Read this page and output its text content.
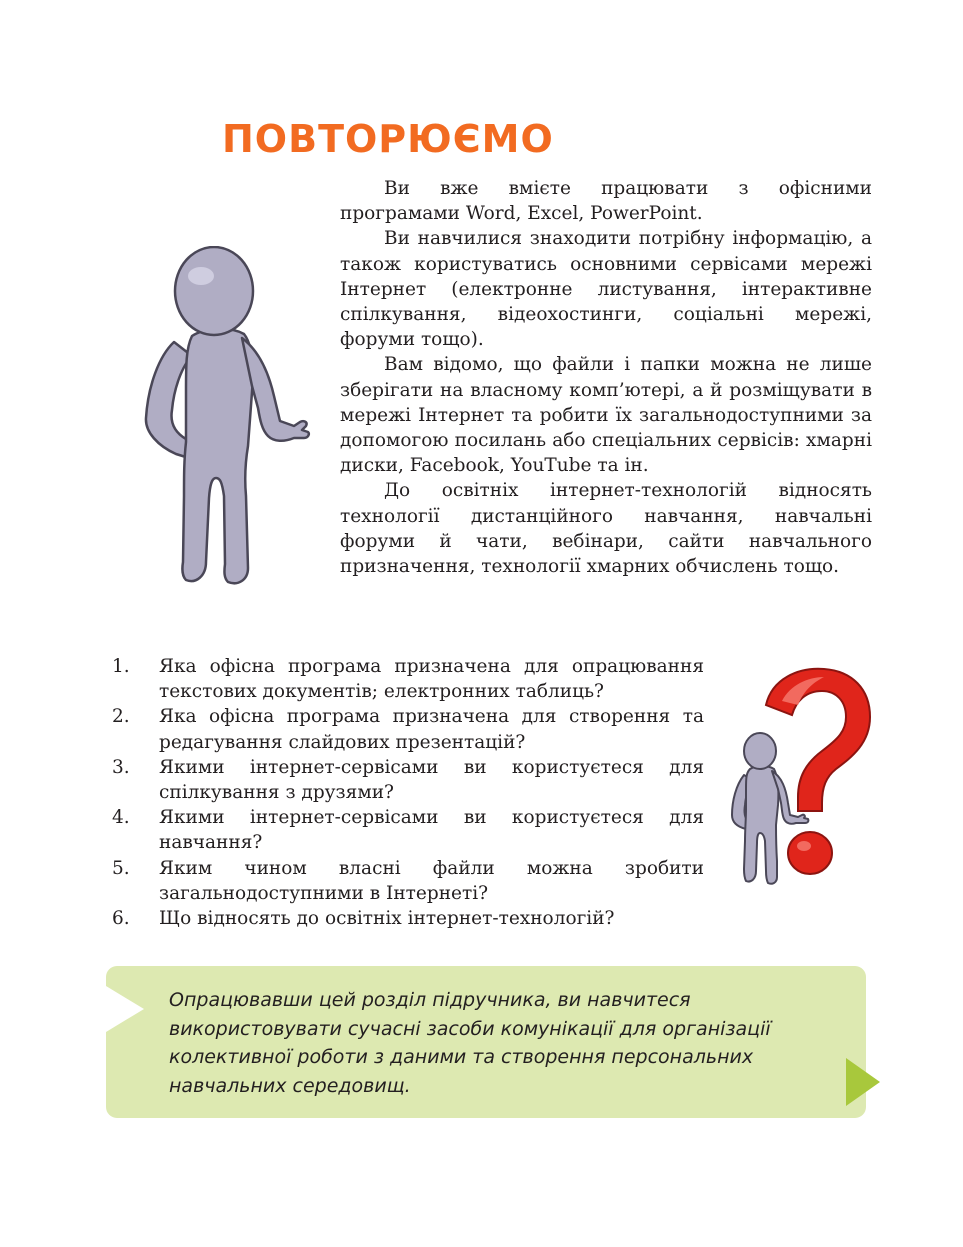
ПОВТОРЮЄМО

Ви вже вмієте працювати з офісними програмами Word, Excel, PowerPoint.

Ви навчилися знаходити потрібну інформацію, а також користуватись основними сервісами мережі Інтернет (електронне листування, інтерактивне спілкування, відеохостинги, соціальні мережі, форуми тощо).

Вам відомо, що файли і папки можна не лише зберігати на власному комп’ютері, а й розміщувати в мережі Інтернет та робити їх загальнодоступними за допомогою посилань або спеціальних сервісів: хмарні диски, Facebook, YouTube та ін.

До освітніх інтернет-технологій відносять технології дистанційного навчання, навчальні форуми й чати, вебінари, сайти навчального призначення, технології хмарних обчислень тощо.

1. Яка офісна програма призначена для опрацювання текстових документів; електронних таблиць?
2. Яка офісна програма призначена для створення та редагування слайдових презентацій?
3. Якими інтернет-сервісами ви користуєтеся для спілкування з друзями?
4. Якими інтернет-сервісами ви користуєтеся для навчання?
5. Яким чином власні файли можна зробити загальнодоступними в Інтернеті?
6. Що відносять до освітніх інтернет-технологій?

Опрацювавши цей розділ підручника, ви навчитеся використовувати сучасні засоби комунікації для організації колективної роботи з даними та створення персональних навчальних середовищ.
